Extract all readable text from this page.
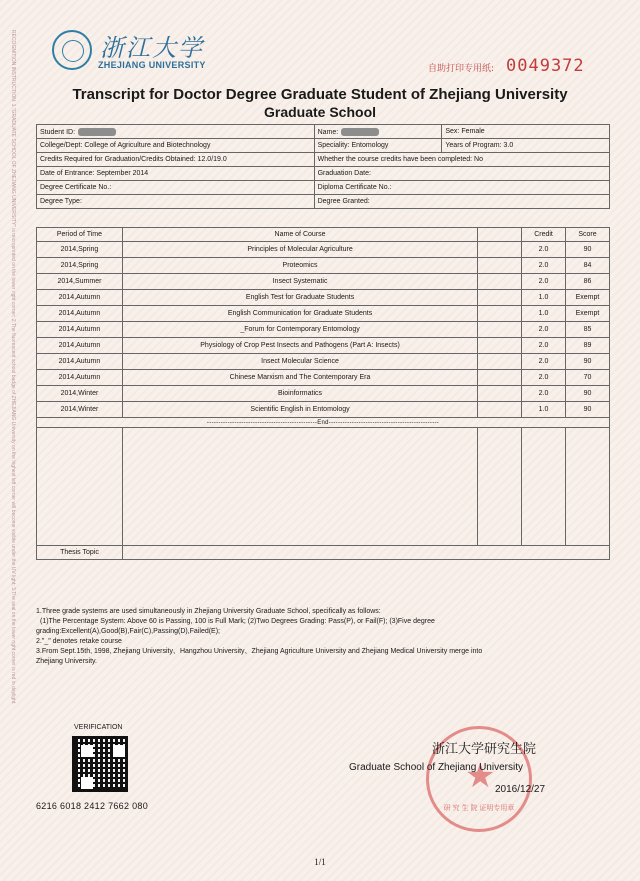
RECOGNITION INSTRUCTION: 1."GRADUATE SCHOOL OF ZHEJIANG UNIVERSITY" is microprinted on the lower right corner; 2.The fluorescent school badge of ZHEJIANG University on the highest left corner will become visible under the UV light; 3.The seal on the lower right corner is red in daylight.	浙江大学
ZHEJIANG UNIVERSITY	自助打印专用纸: 0049372
Transcript for Doctor Degree Graduate Student of Zhejiang University
Graduate School
Student ID:	Name:	Sex: Female
College/Dept: College of Agriculture and Biotechnology	Speciality: Entomology	Years of Program: 3.0
Credits Required for Graduation/Credits Obtained: 12.0/19.0	Whether the course credits have been completed: No	
Date of Entrance: September 2014	Graduation Date:	
Degree Certificate No.:	Diploma Certificate No.:	
Degree Type:	Degree Granted:	
Period of Time	Name of Course		Credit	Score
2014,Spring	Principles of Molecular Agriculture		2.0	90
2014,Spring	Proteomics		2.0	84
2014,Summer	Insect Systematic		2.0	86
2014,Autumn	English Test for Graduate Students		1.0	Exempt
2014,Autumn	English Communication for Graduate Students		1.0	Exempt
2014,Autumn	_Forum for Contemporary Entomology		2.0	85
2014,Autumn	Physiology of Crop Pest Insects and Pathogens (Part A: Insects)		2.0	89
2014,Autumn	Insect Molecular Science		2.0	90
2014,Autumn	Chinese Marxism and The Contemporary Era		2.0	70
2014,Winter	Bioinformatics		2.0	90
2014,Winter	Scientific English in Entomology		1.0	90
------------------------------------------------End------------------------------------------------				

Thesis Topic				

1.Three grade systems are used simultaneously in Zhejiang University Graduate School, specifically as follows:

(1)The Percentage System: Above 60 is Passing, 100 is Full Mark; (2)Two Degrees Grading: Pass(P), or Fail(F); (3)Five degree

grading:Excellent(A),Good(B),Fair(C),Passing(D),Failed(E);

2."_" denotes retake course

3.From Sept.15th, 1998, Zhejiang University、Hangzhou University、Zhejiang Agriculture University and Zhejiang Medical University merge into

Zhejiang University.

VERIFICATION
6216 6018 2412 7662 080
★
研 究 生 院 证明专用章
浙江大学研究生院
Graduate School of Zhejiang University
2016/12/27
1/1
